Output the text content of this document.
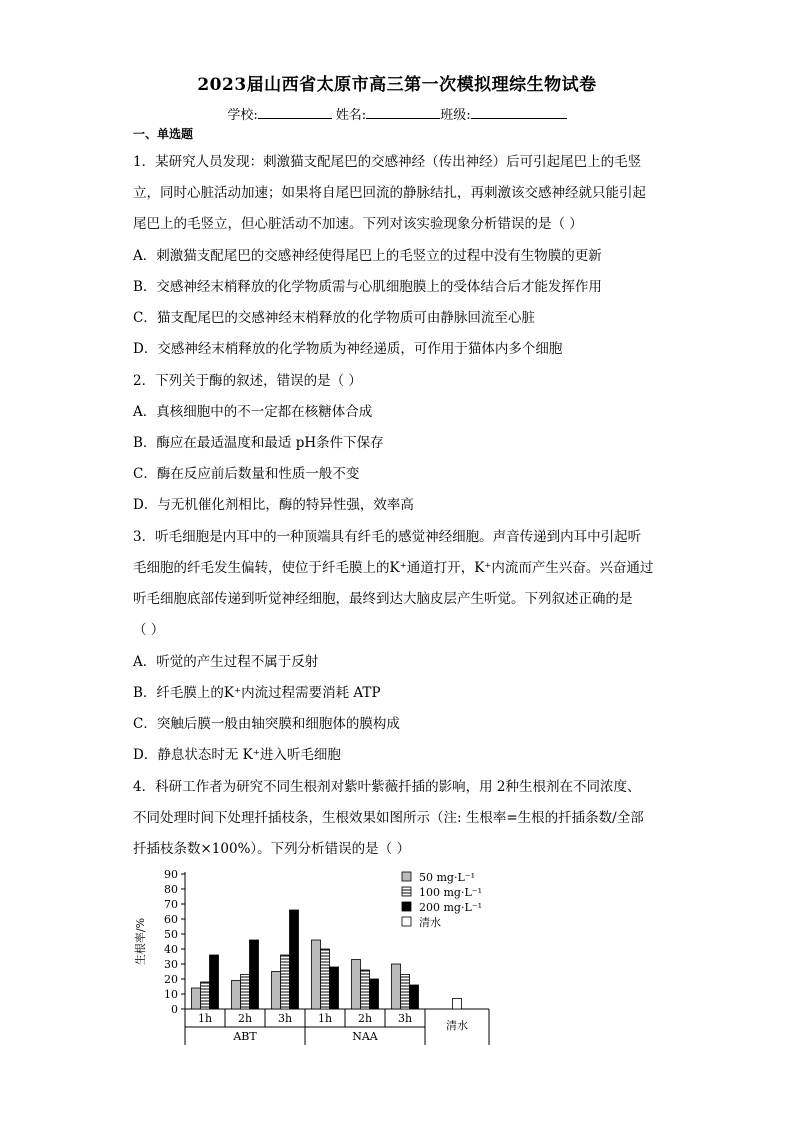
2023届山西省太原市高三第一次模拟理综生物试卷
学校:	姓名:	班级:
一、单选题
1．某研究人员发现：刺激猫支配尾巴的交感神经（传出神经）后可引起尾巴上的毛竖
立，同时心脏活动加速；如果将自尾巴回流的静脉结扎，再刺激该交感神经就只能引起
尾巴上的毛竖立，但心脏活动不加速。下列对该实验现象分析错误的是（ ）
A．刺激猫支配尾巴的交感神经使得尾巴上的毛竖立的过程中没有生物膜的更新
B．交感神经末梢释放的化学物质需与心肌细胞膜上的受体结合后才能发挥作用
C．猫支配尾巴的交感神经末梢释放的化学物质可由静脉回流至心脏
D．交感神经末梢释放的化学物质为神经递质，可作用于猫体内多个细胞
2．下列关于酶的叙述，错误的是（ ）
A．真核细胞中的不一定都在核糖体合成
B．酶应在最适温度和最适 pH条件下保存
C．酶在反应前后数量和性质一般不变
D．与无机催化剂相比，酶的特异性强，效率高
3．听毛细胞是内耳中的一种顶端具有纤毛的感觉神经细胞。声音传递到内耳中引起听
毛细胞的纤毛发生偏转，使位于纤毛膜上的K⁺通道打开，K⁺内流而产生兴奋。兴奋通过
听毛细胞底部传递到听觉神经细胞，最终到达大脑皮层产生听觉。下列叙述正确的是
（ ）
A．听觉的产生过程不属于反射
B．纤毛膜上的K⁺内流过程需要消耗 ATP
C．突触后膜一般由轴突膜和细胞体的膜构成
D．静息状态时无 K⁺进入听毛细胞
4．科研工作者为研究不同生根剂对紫叶紫薇扦插的影响，用 2种生根剂在不同浓度、
不同处理时间下处理扦插枝条，生根效果如图所示（注: 生根率=生根的扦插条数/全部
扦插枝条数×100%）。下列分析错误的是（ ）
0
10
20
30
40
50
60
70
80
90
生根率/%
1h 2h 3h 1h 2h 3h
ABT	NAA
清水
50 mg·L⁻¹
100 mg·L⁻¹
200 mg·L⁻¹
清水
